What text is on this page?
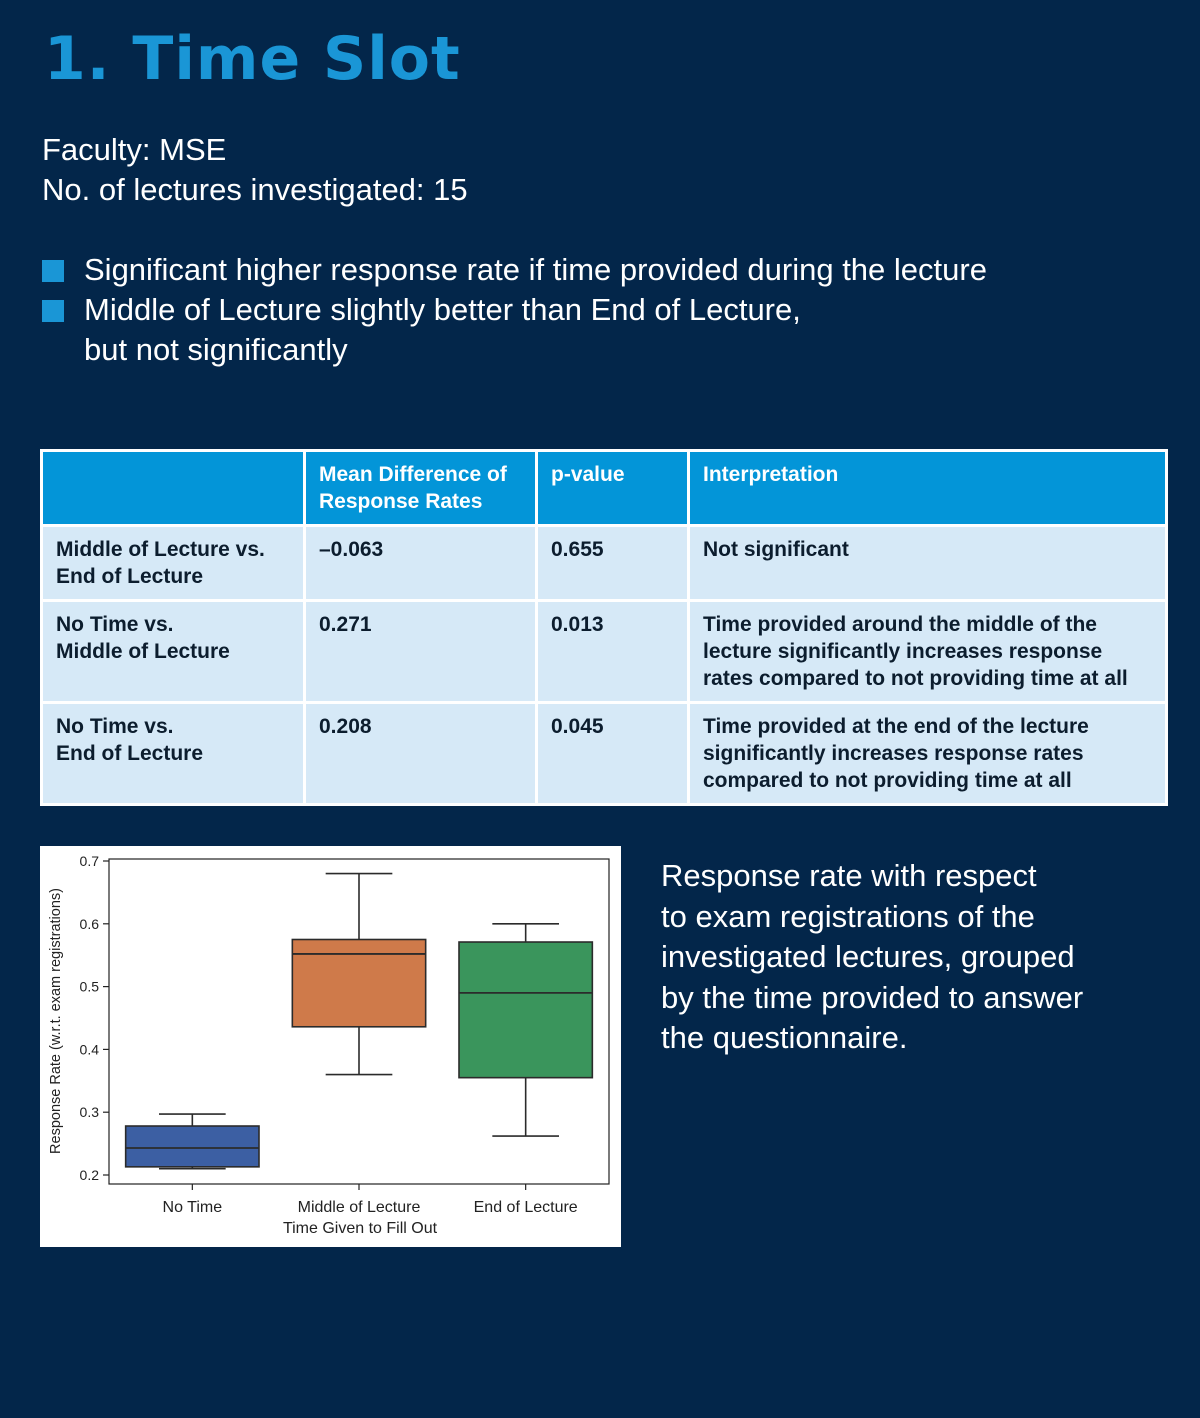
1. Time Slot
Faculty: MSE
No. of lectures investigated: 15
Significant higher response rate if time provided during the lecture
Middle of Lecture slightly better than End of Lecture,
but not significantly
	Mean Difference of
Response Rates	p-value	Interpretation
Middle of Lecture vs.
End of Lecture	–0.063	0.655	Not significant
No Time vs.
Middle of Lecture	0.271	0.013	Time provided around the middle of the
lecture significantly increases response
rates compared to not providing time at all
No Time vs.
End of Lecture	0.208	0.045	Time provided at the end of the lecture
significantly increases response rates
compared to not providing time at all
0.2
0.3
0.4
0.5
0.6
0.7
No Time	Middle of Lecture	End of Lecture
Time Given to Fill Out
Response Rate (w.r.t. exam registrations)
Response rate with respect
to exam registrations of the
investigated lectures, grouped
by the time provided to answer
the questionnaire.
